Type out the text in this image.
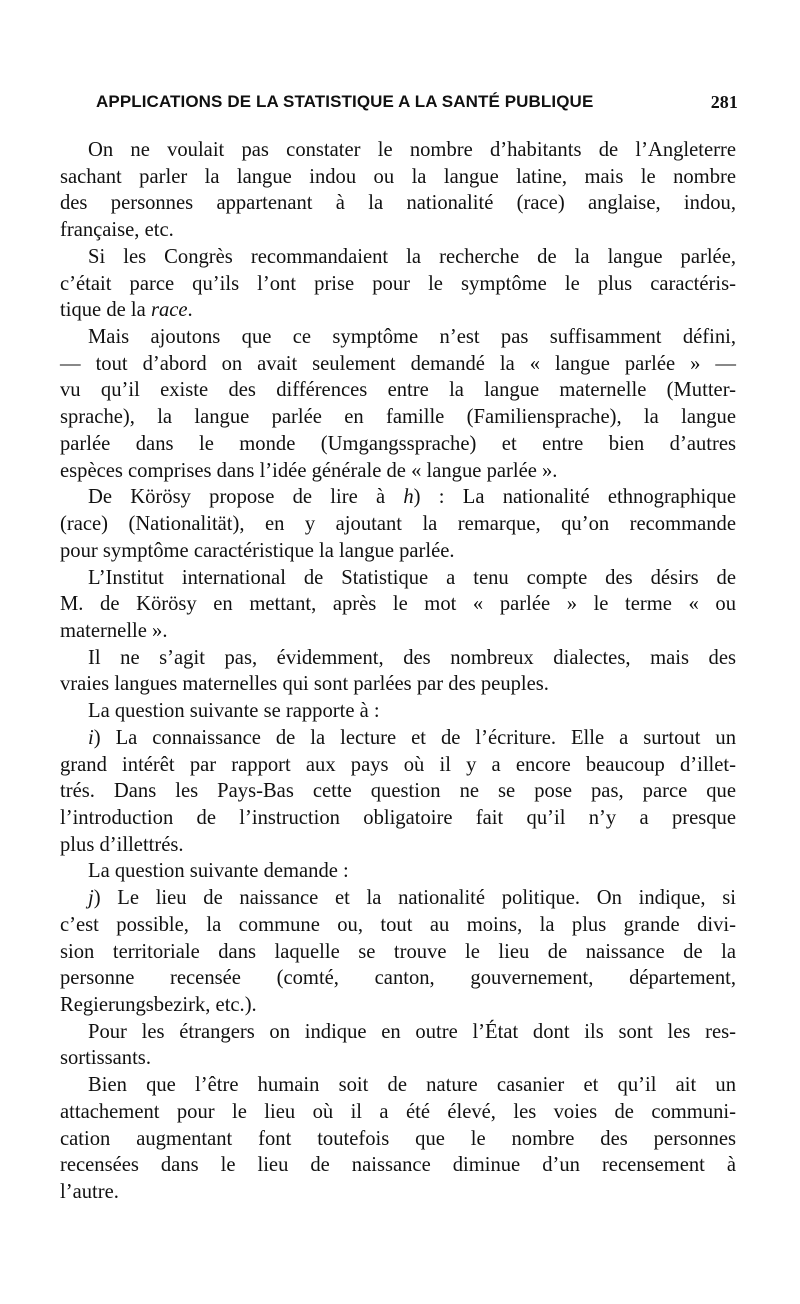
APPLICATIONS DE LA STATISTIQUE A LA SANTÉ PUBLIQUE	281
On ne voulait pas constater le nombre d’habitants de l’Angleterre
sachant parler la langue indou ou la langue latine, mais le nombre
des personnes appartenant à la nationalité (race) anglaise, indou,
française, etc.
Si les Congrès recommandaient la recherche de la langue parlée,
c’était parce qu’ils l’ont prise pour le symptôme le plus caractéris-
tique de la race.
Mais ajoutons que ce symptôme n’est pas suffisamment défini,
— tout d’abord on avait seulement demandé la « langue parlée » —
vu qu’il existe des différences entre la langue maternelle (Mutter-
sprache), la langue parlée en famille (Familiensprache), la langue
parlée dans le monde (Umgangssprache) et entre bien d’autres
espèces comprises dans l’idée générale de « langue parlée ».
De Körösy propose de lire à h) : La nationalité ethnographique
(race) (Nationalität), en y ajoutant la remarque, qu’on recommande
pour symptôme caractéristique la langue parlée.
L’Institut international de Statistique a tenu compte des désirs de
M. de Körösy en mettant, après le mot « parlée » le terme « ou
maternelle ».
Il ne s’agit pas, évidemment, des nombreux dialectes, mais des
vraies langues maternelles qui sont parlées par des peuples.
La question suivante se rapporte à :
i) La connaissance de la lecture et de l’écriture. Elle a surtout un
grand intérêt par rapport aux pays où il y a encore beaucoup d’illet-
trés. Dans les Pays-Bas cette question ne se pose pas, parce que
l’introduction de l’instruction obligatoire fait qu’il n’y a presque
plus d’illettrés.
La question suivante demande :
j) Le lieu de naissance et la nationalité politique. On indique, si
c’est possible, la commune ou, tout au moins, la plus grande divi-
sion territoriale dans laquelle se trouve le lieu de naissance de la
personne recensée (comté, canton, gouvernement, département,
Regierungsbezirk, etc.).
Pour les étrangers on indique en outre l’État dont ils sont les res-
sortissants.
Bien que l’être humain soit de nature casanier et qu’il ait un
attachement pour le lieu où il a été élevé, les voies de communi-
cation augmentant font toutefois que le nombre des personnes
recensées dans le lieu de naissance diminue d’un recensement à
l’autre.
